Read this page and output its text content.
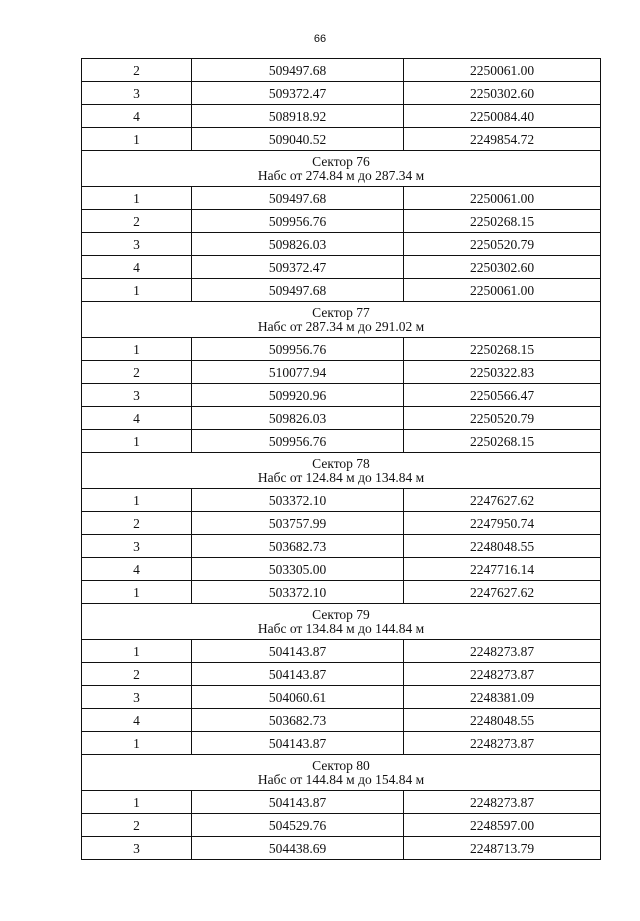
66
2	509497.68	2250061.00
3	509372.47	2250302.60
4	508918.92	2250084.40
1	509040.52	2249854.72

Сектор 76
Набс от 274.84 м до 287.34 м		

1	509497.68	2250061.00
2	509956.76	2250268.15
3	509826.03	2250520.79
4	509372.47	2250302.60
1	509497.68	2250061.00

Сектор 77
Набс от 287.34 м до 291.02 м		

1	509956.76	2250268.15
2	510077.94	2250322.83
3	509920.96	2250566.47
4	509826.03	2250520.79
1	509956.76	2250268.15

Сектор 78
Набс от 124.84 м до 134.84 м		

1	503372.10	2247627.62
2	503757.99	2247950.74
3	503682.73	2248048.55
4	503305.00	2247716.14
1	503372.10	2247627.62

Сектор 79
Набс от 134.84 м до 144.84 м		

1	504143.87	2248273.87
2	504143.87	2248273.87
3	504060.61	2248381.09
4	503682.73	2248048.55
1	504143.87	2248273.87

Сектор 80
Набс от 144.84 м до 154.84 м		

1	504143.87	2248273.87
2	504529.76	2248597.00
3	504438.69	2248713.79
